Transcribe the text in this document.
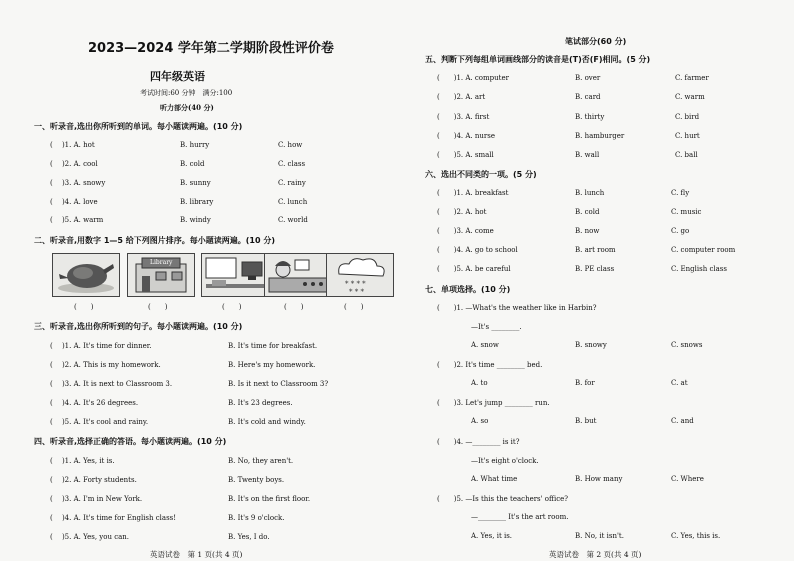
2023—2024 学年第二学期阶段性评价卷
四年级英语
考试时间:60 分钟　满分:100
听力部分(40 分)
一、听录音,选出你所听到的单词。每小题读两遍。(10 分)
( 　)1. A. hot	B. hurry	C. how
( 　)2. A. cool	B. cold	C. class
( 　)3. A. snowy	B. sunny	C. rainy
( 　)4. A. love	B. library	C. lunch
( 　)5. A. warm	B. windy	C. world
二、听录音,用数字 1—5 给下列图片排序。每小题读两遍。(10 分)
Library
* * * *
* * *
(　　)	(　　)	(　　)	(　　)	(　　)
三、听录音,选出你所听到的句子。每小题读两遍。(10 分)
( 　)1. A. It's time for dinner.	B. It's time for breakfast.
( 　)2. A. This is my homework.	B. Here's my homework.
( 　)3. A. It is next to Classroom 3.	B. Is it next to Classroom 3?
( 　)4. A. It's 26 degrees.	B. It's 23 degrees.
( 　)5. A. It's cool and rainy.	B. It's cold and windy.
四、听录音,选择正确的答语。每小题读两遍。(10 分)
( 　)1. A. Yes, it is.	B. No, they aren't.
( 　)2. A. Forty students.	B. Twenty boys.
( 　)3. A. I'm in New York.	B. It's on the first floor.
( 　)4. A. It's time for English class!	B. It's 9 o'clock.
( 　)5. A. Yes, you can.	B. Yes, I do.
英语试卷　第 1 页(共 4 页)
笔试部分(60 分)
五、判断下列每组单词画线部分的读音是(T)否(F)相同。(5 分)
(　　)1. A. computer	B. over	C. farmer
(　　)2. A. art	B. card	C. warm
(　　)3. A. first	B. thirty	C. bird
(　　)4. A. nurse	B. hamburger	C. hurt
(　　)5. A. small	B. wall	C. ball
六、选出不同类的一项。(5 分)
(　　)1. A. breakfast	B. lunch	C. fly
(　　)2. A. hot	B. cold	C. music
(　　)3. A. come	B. now	C. go
(　　)4. A. go to school	B. art room	C. computer room
(　　)5. A. be careful	B. PE class	C. English class
七、单项选择。(10 分)
(　　)1. —What's the weather like in Harbin?
—It's ________.
A. snow	B. snowy	C. snows
(　　)2. It's time ________ bed.
A. to	B. for	C. at
(　　)3. Let's jump ________ run.
A. so	B. but	C. and
(　　)4. —________ is it?
—It's eight o'clock.
A. What time	B. How many	C. Where
(　　)5. —Is this the teachers' office?
—________ It's the art room.
A. Yes, it is.	B. No, it isn't.	C. Yes, this is.
英语试卷　第 2 页(共 4 页)
